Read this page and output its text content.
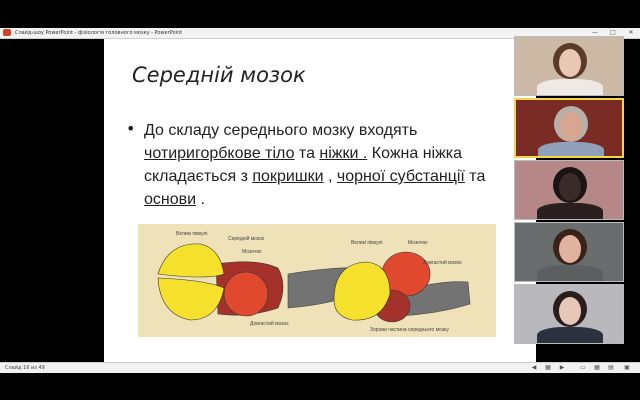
Слайд-шоу PowerPoint - фізіологія головного мозку - PowerPoint	—	□	✕
Середній мозок
• До складу середнього мозку входять чотиригорбкове тіло та ніжки . Кожна ніжка складається з покришки , чорної субстанції та основи .
Великі півкулі
Середній мозок
Мозочок
Довгастий мозок
Великі півкулі	Мозочок
Довгастий мозок
Зорова частина середнього мозку
Слайд 16 из 49	◀ ▦ ▶	▭ ▦ ▤ ▣
